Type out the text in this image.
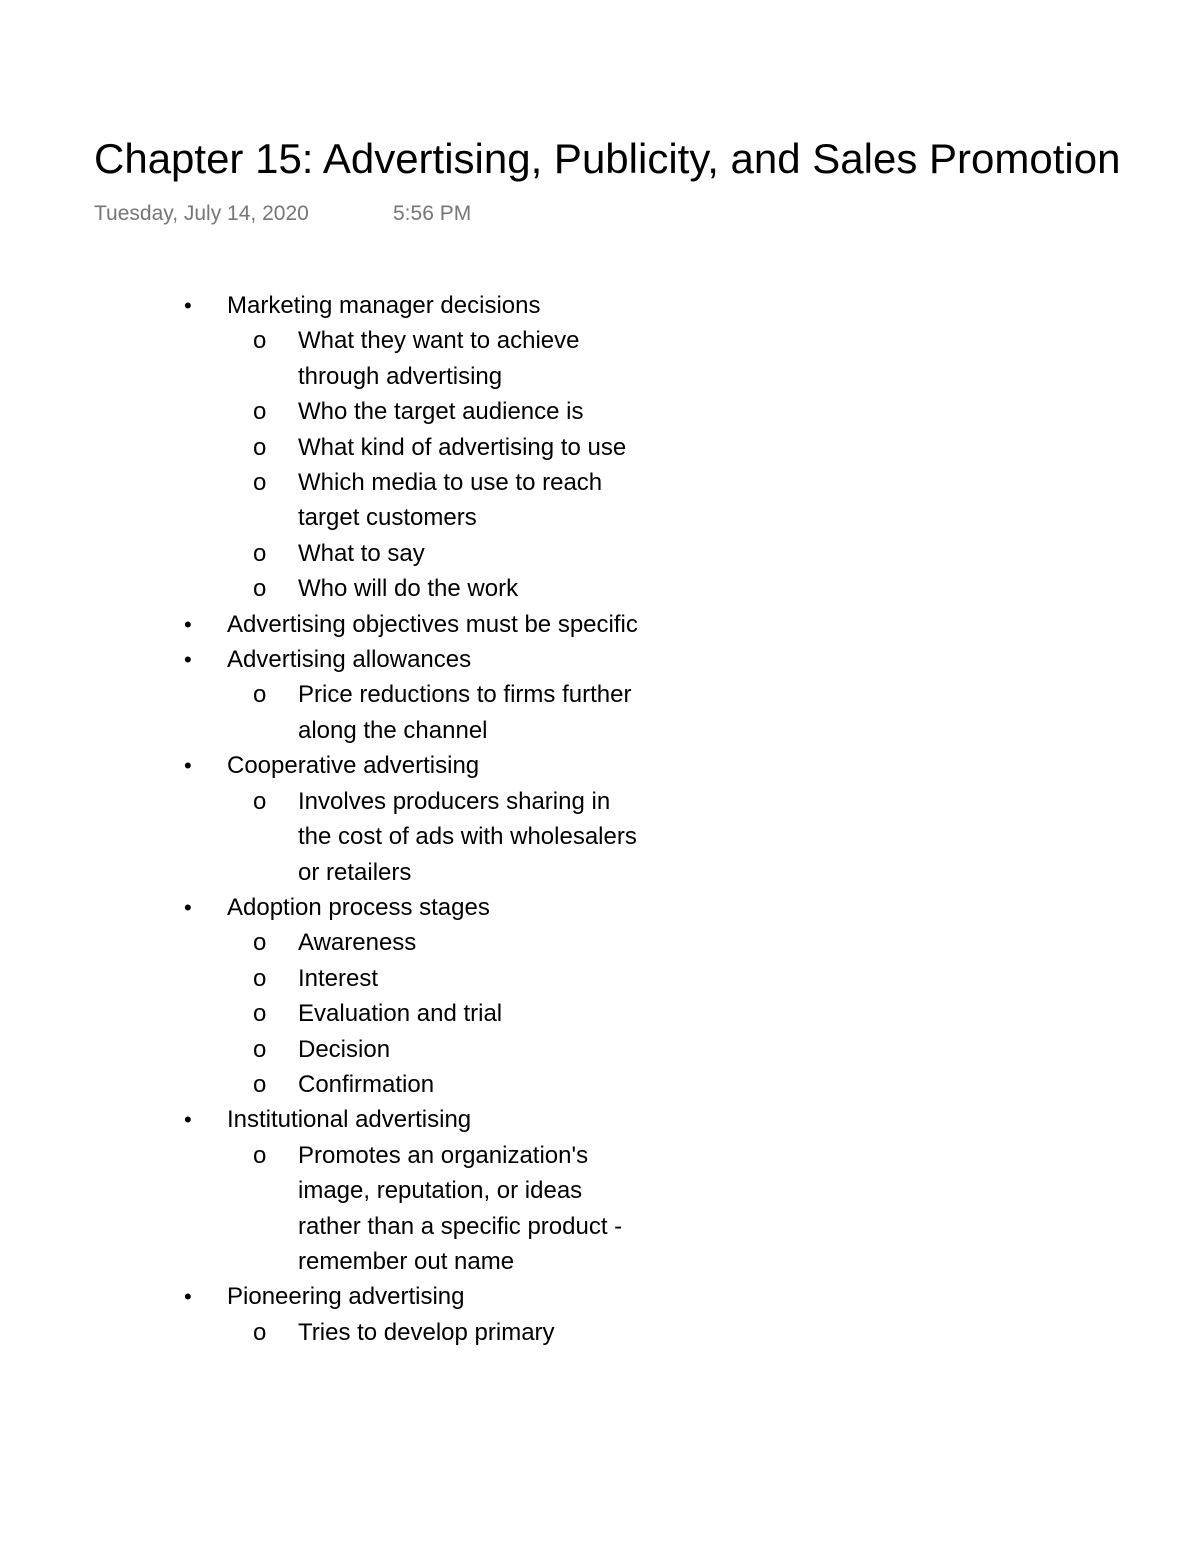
Chapter 15: Advertising, Publicity, and Sales Promotion
Tuesday, July 14, 2020	5:56 PM
•	Marketing manager decisions
o	What they want to achieve through advertising
o	Who the target audience is
o	What kind of advertising to use
o	Which media to use to reach target customers
o	What to say
o	Who will do the work
•	Advertising objectives must be specific
•	Advertising allowances
o	Price reductions to firms further along the channel
•	Cooperative advertising
o	Involves producers sharing in the cost of ads with wholesalers or retailers
•	Adoption process stages
o	Awareness
o	Interest
o	Evaluation and trial
o	Decision
o	Confirmation
•	Institutional advertising
o	Promotes an organization's image, reputation, or ideas rather than a specific product - remember out name
•	Pioneering advertising
o	Tries to develop primary
